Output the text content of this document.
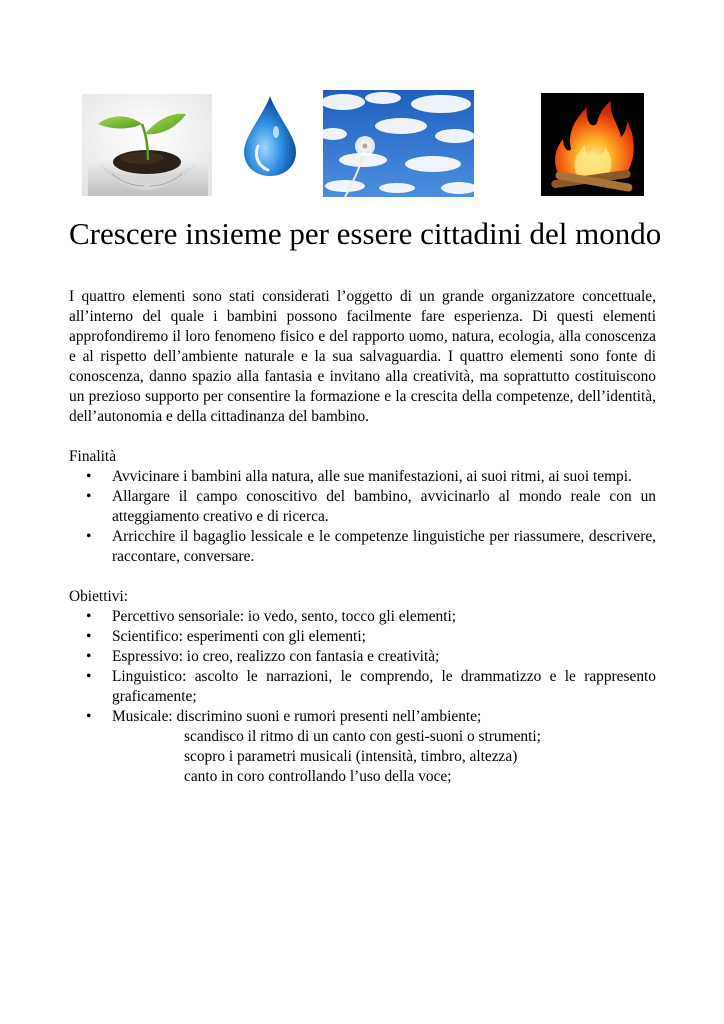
Crescere insieme per essere cittadini del mondo

I quattro elementi sono stati considerati l’oggetto di un grande organizzatore concettuale, all’interno del quale i bambini possono facilmente fare esperienza. Di questi elementi approfondiremo il loro fenomeno fisico e del rapporto uomo, natura, ecologia, alla conoscenza e al rispetto dell’ambiente naturale e la sua salvaguardia. I quattro elementi sono fonte di conoscenza, danno spazio alla fantasia e invitano alla creatività, ma soprattutto costituiscono un prezioso supporto per consentire la formazione e la crescita della competenze, dell’identità, dell’autonomia e della cittadinanza del bambino.

Finalità
• Avvicinare i bambini alla natura, alle sue manifestazioni, ai suoi ritmi, ai suoi tempi.
• Allargare il campo conoscitivo del bambino, avvicinarlo al mondo reale con un atteggiamento creativo e di ricerca.
• Arricchire il bagaglio lessicale e le competenze linguistiche per riassumere, descrivere, raccontare, conversare.
Obiettivi:
• Percettivo sensoriale: io vedo, sento, tocco gli elementi;
• Scientifico: esperimenti con gli elementi;
• Espressivo: io creo, realizzo con fantasia e creatività;
• Linguistico: ascolto le narrazioni, le comprendo, le drammatizzo e le rappresento graficamente;
• Musicale: discrimino suoni e rumori presenti nell’ambiente;
scandisco il ritmo di un canto con gesti-suoni o strumenti;
scopro i parametri musicali (intensità, timbro, altezza)
canto in coro controllando l’uso della voce;
